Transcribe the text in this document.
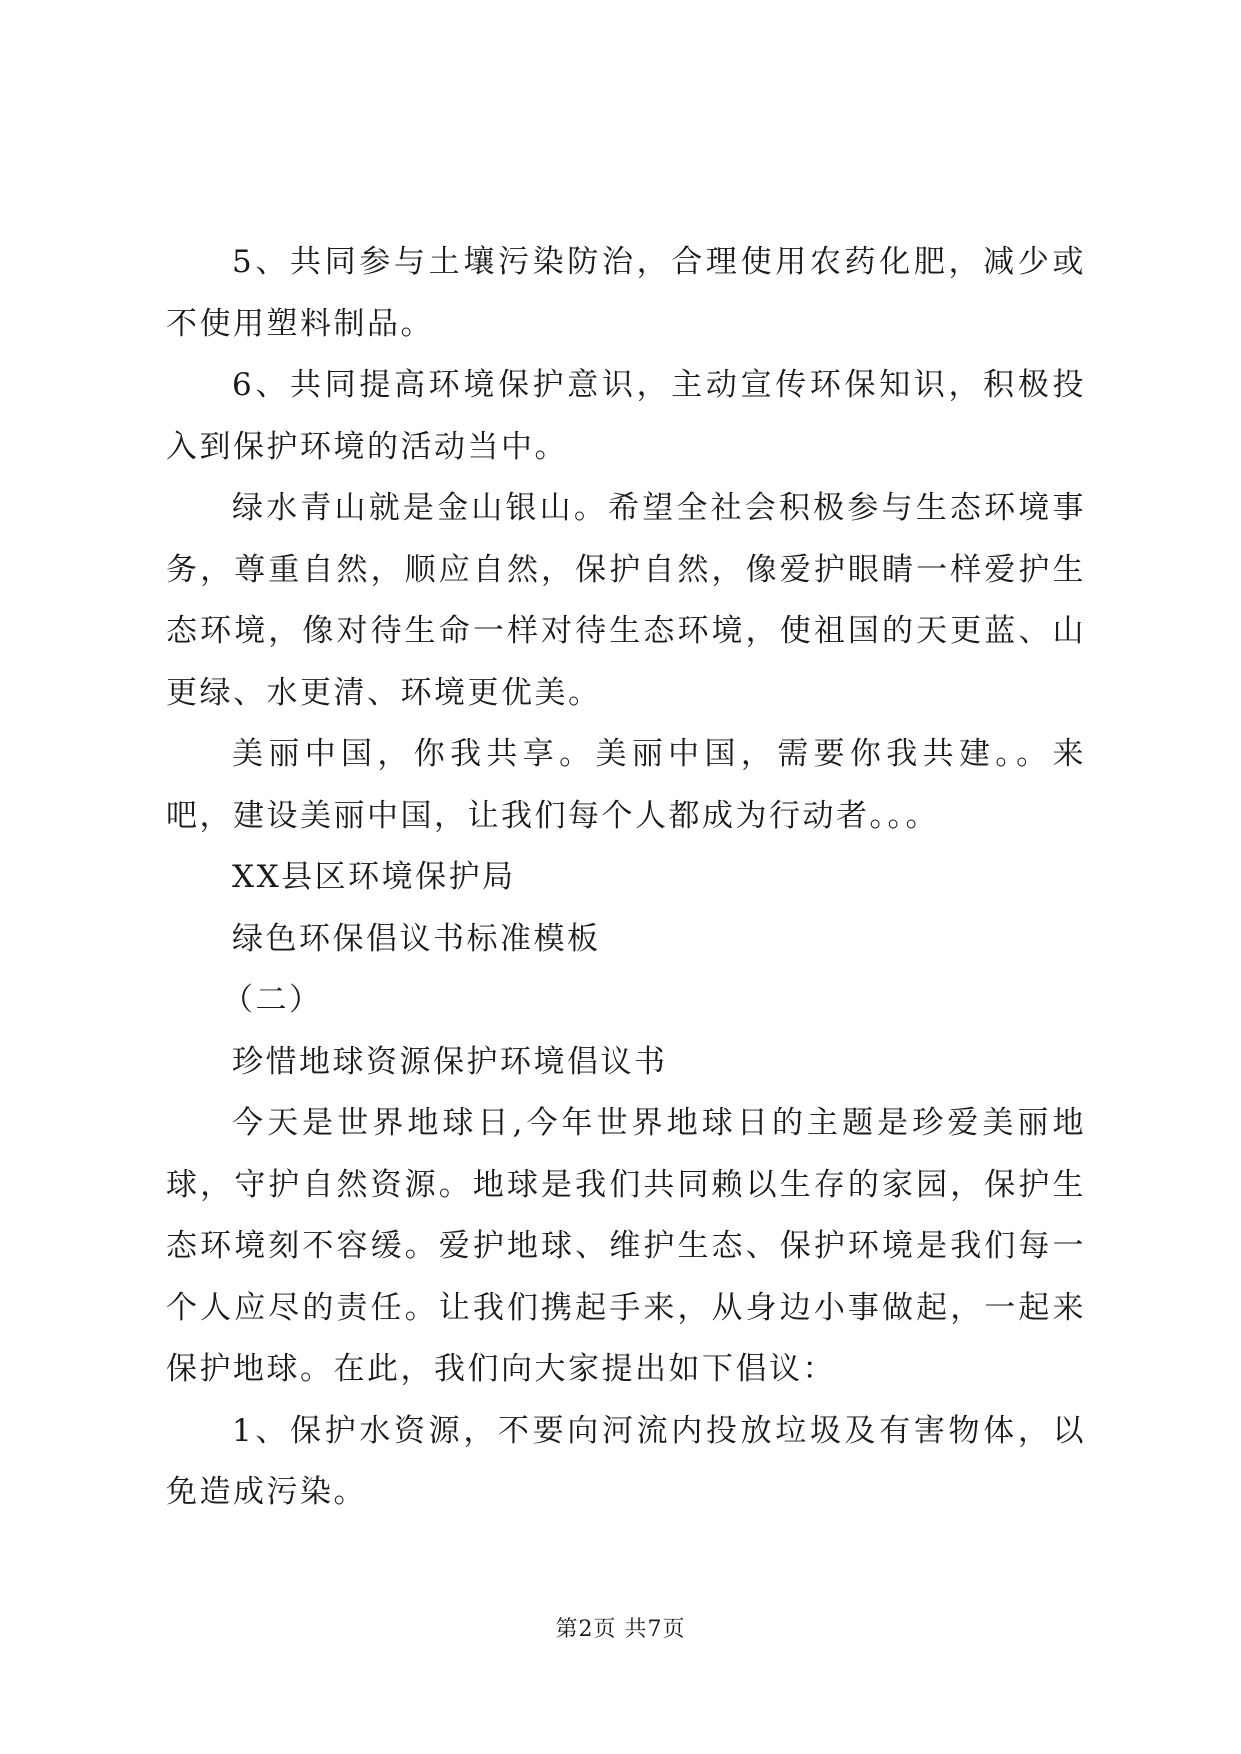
5、共同参与土壤污染防治，合理使用农药化肥，减少或不使用塑料制品。

6、共同提高环境保护意识，主动宣传环保知识，积极投入到保护环境的活动当中。

绿水青山就是金山银山。希望全社会积极参与生态环境事务，尊重自然，顺应自然，保护自然，像爱护眼睛一样爱护生态环境，像对待生命一样对待生态环境，使祖国的天更蓝、山更绿、水更清、环境更优美。

美丽中国，你我共享。美丽中国，需要你我共建。。来吧，建设美丽中国，让我们每个人都成为行动者。。。

XX县区环境保护局

绿色环保倡议书标准模板

（二）

珍惜地球资源保护环境倡议书

今天是世界地球日,今年世界地球日的主题是珍爱美丽地球，守护自然资源。地球是我们共同赖以生存的家园，保护生态环境刻不容缓。爱护地球、维护生态、保护环境是我们每一个人应尽的责任。让我们携起手来，从身边小事做起，一起来保护地球。在此，我们向大家提出如下倡议：

1、保护水资源，不要向河流内投放垃圾及有害物体，以免造成污染。

第2页 共7页
